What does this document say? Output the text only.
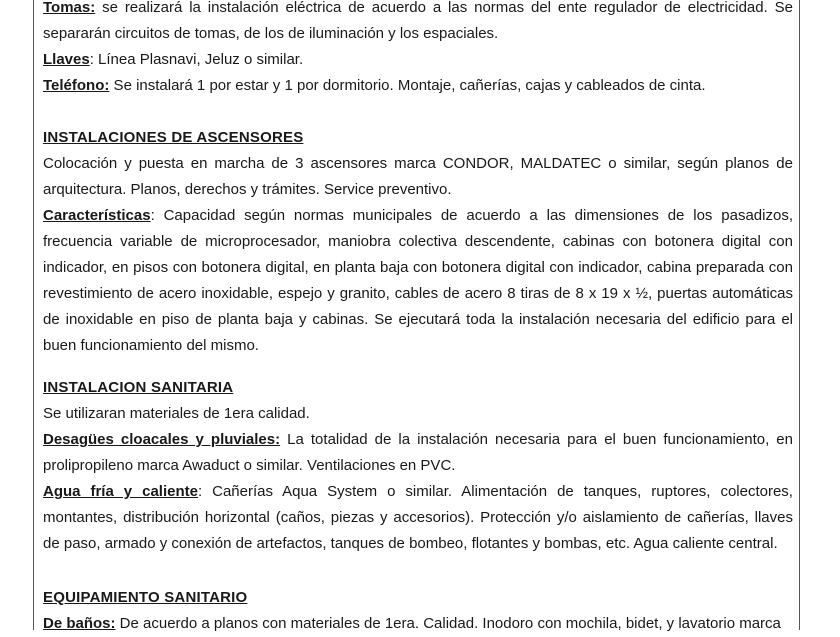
Tomas: se realizará la instalación eléctrica de acuerdo a las normas del ente regulador de electricidad. Se separarán circuitos de tomas, de los de iluminación y los espaciales.

Llaves: Línea Plasnavi, Jeluz o similar.

Teléfono: Se instalará 1 por estar y 1 por dormitorio. Montaje, cañerías, cajas y cableados de cinta.

INSTALACIONES DE ASCENSORES

Colocación y puesta en marcha de 3 ascensores marca CONDOR, MALDATEC o similar, según planos de arquitectura. Planos, derechos y trámites. Service preventivo.

Características: Capacidad según normas municipales de acuerdo a las dimensiones de los pasadizos, frecuencia variable de microprocesador, maniobra colectiva descendente, cabinas con botonera digital con indicador, en pisos con botonera digital, en planta baja con botonera digital con indicador, cabina preparada con revestimiento de acero inoxidable, espejo y granito, cables de acero 8 tiras de 8 x 19 x ½, puertas automáticas de inoxidable en piso de planta baja y cabinas. Se ejecutará toda la instalación necesaria del edificio para el buen funcionamiento del mismo.

INSTALACION SANITARIA

Se utilizaran materiales de 1era calidad.

Desagües cloacales y pluviales: La totalidad de la instalación necesaria para el buen funcionamiento, en prolipropileno marca Awaduct o similar. Ventilaciones en PVC.

Agua fría y caliente: Cañerías Aqua System o similar. Alimentación de tanques, ruptores, colectores, montantes, distribución horizontal (caños, piezas y accesorios). Protección y/o aislamiento de cañerías, llaves de paso, armado y conexión de artefactos, tanques de bombeo, flotantes y bombas, etc. Agua caliente central.

EQUIPAMIENTO SANITARIO

De baños: De acuerdo a planos con materiales de 1era. Calidad. Inodoro con mochila, bidet, y lavatorio marca
